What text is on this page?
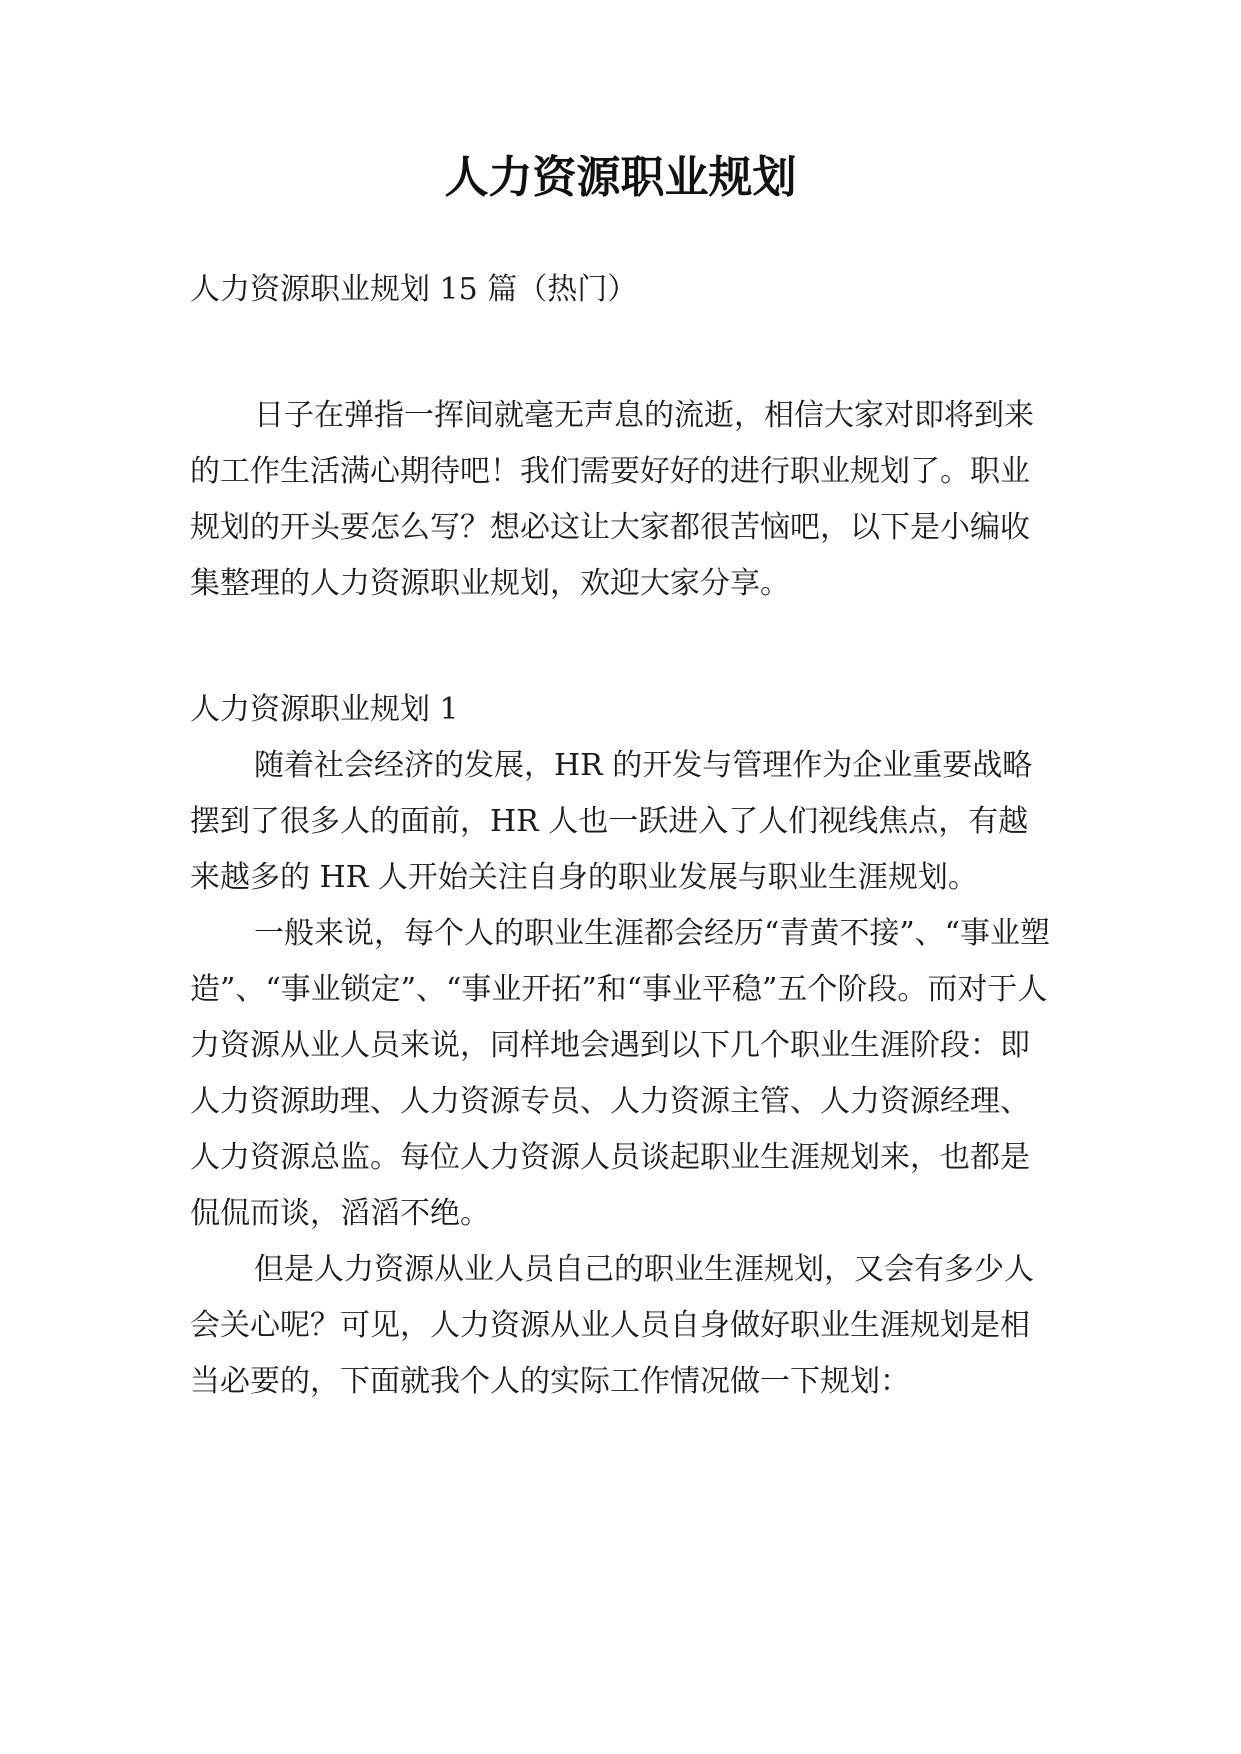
人力资源职业规划

人力资源职业规划 15 篇（热门）

日子在弹指一挥间就毫无声息的流逝，相信大家对即将到来的工作生活满心期待吧！我们需要好好的进行职业规划了。职业规划的开头要怎么写？想必这让大家都很苦恼吧，以下是小编收集整理的人力资源职业规划，欢迎大家分享。

人力资源职业规划 1

随着社会经济的发展，HR 的开发与管理作为企业重要战略摆到了很多人的面前，HR 人也一跃进入了人们视线焦点，有越来越多的 HR 人开始关注自身的职业发展与职业生涯规划。

一般来说，每个人的职业生涯都会经历“青黄不接”、“事业塑造”、“事业锁定”、“事业开拓”和“事业平稳”五个阶段。而对于人力资源从业人员来说，同样地会遇到以下几个职业生涯阶段：即人力资源助理、人力资源专员、人力资源主管、人力资源经理、人力资源总监。每位人力资源人员谈起职业生涯规划来，也都是侃侃而谈，滔滔不绝。

但是人力资源从业人员自己的职业生涯规划，又会有多少人会关心呢？可见，人力资源从业人员自身做好职业生涯规划是相当必要的，下面就我个人的实际工作情况做一下规划：
